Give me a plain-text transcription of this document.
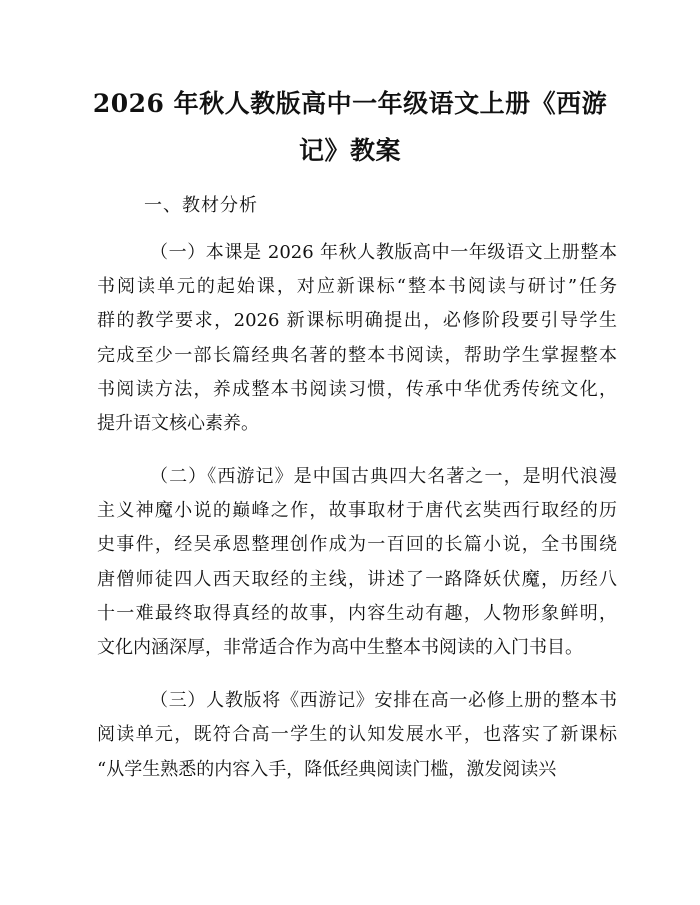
2026 年秋人教版高中一年级语文上册《西游
记》教案
一、教材分析
（一）本课是 2026 年秋人教版高中一年级语文上册整本
书阅读单元的起始课，对应新课标“整本书阅读与研讨”任务
群的教学要求，2026 新课标明确提出，必修阶段要引导学生
完成至少一部长篇经典名著的整本书阅读，帮助学生掌握整本
书阅读方法，养成整本书阅读习惯，传承中华优秀传统文化，
提升语文核心素养。
（二）《西游记》是中国古典四大名著之一，是明代浪漫
主义神魔小说的巅峰之作，故事取材于唐代玄奘西行取经的历
史事件，经吴承恩整理创作成为一百回的长篇小说，全书围绕
唐僧师徒四人西天取经的主线，讲述了一路降妖伏魔，历经八
十一难最终取得真经的故事，内容生动有趣，人物形象鲜明，
文化内涵深厚，非常适合作为高中生整本书阅读的入门书目。
（三）人教版将《西游记》安排在高一必修上册的整本书
阅读单元，既符合高一学生的认知发展水平，也落实了新课标
“从学生熟悉的内容入手，降低经典阅读门槛，激发阅读兴
